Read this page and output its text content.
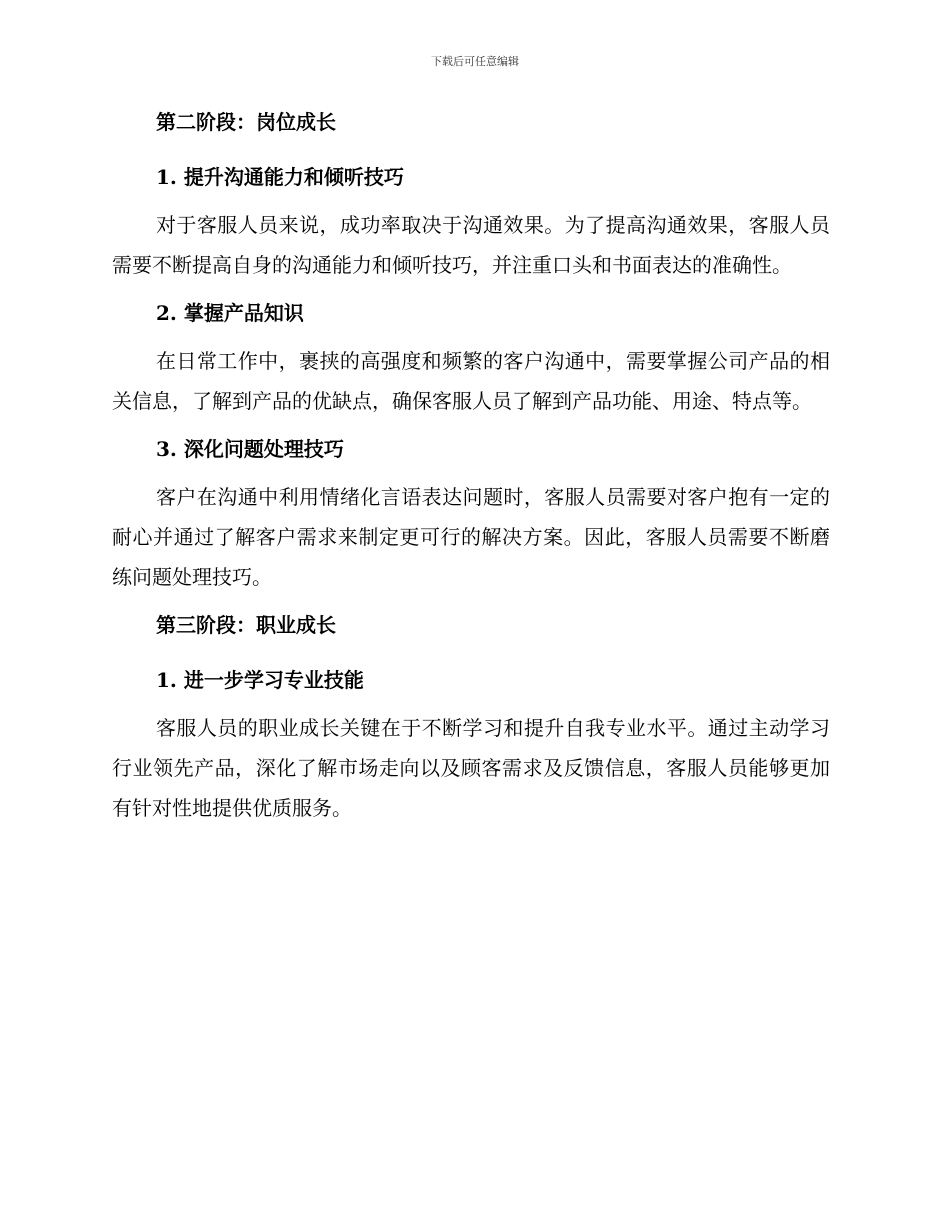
下载后可任意编辑
第二阶段：岗位成长
1. 提升沟通能力和倾听技巧

对于客服人员来说，成功率取决于沟通效果。为了提高沟通效果，客服人员需要不断提高自身的沟通能力和倾听技巧，并注重口头和书面表达的准确性。

2. 掌握产品知识

在日常工作中，裹挟的高强度和频繁的客户沟通中，需要掌握公司产品的相关信息，了解到产品的优缺点，确保客服人员了解到产品功能、用途、特点等。

3. 深化问题处理技巧

客户在沟通中利用情绪化言语表达问题时，客服人员需要对客户抱有一定的耐心并通过了解客户需求来制定更可行的解决方案。因此，客服人员需要不断磨练问题处理技巧。

第三阶段：职业成长
1. 进一步学习专业技能

客服人员的职业成长关键在于不断学习和提升自我专业水平。通过主动学习行业领先产品，深化了解市场走向以及顾客需求及反馈信息，客服人员能够更加有针对性地提供优质服务。
